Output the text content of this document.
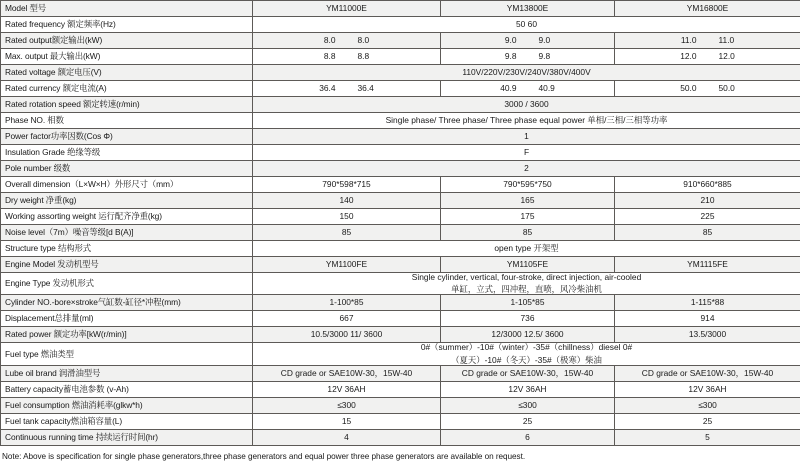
Model 型号	YM11000E	YM13800E	YM16800E
Rated frequency 额定频率(Hz)	50 60		
Rated output额定输出(kW)	8.0 8.0	9.0 9.0	11.0 11.0
Max. output 最大输出(kW)	8.8 8.8	9.8 9.8	12.0 12.0
Rated voltage 额定电压(V)	110V/220V/230V/240V/380V/400V		
Rated currency 额定电流(A)	36.4 36.4	40.9 40.9	50.0 50.0
Rated rotation speed 额定转速(r/min)	3000 / 3600		
Phase NO. 相数	Single phase/ Three phase/ Three phase equal power 单相/三相/三相等功率		
Power factor功率因数(Cos Φ)	1		
Insulation Grade 绝缘等级	F		
Pole number 级数	2		
Overall dimension（L×W×H）外形尺寸（mm）	790*598*715	790*595*750	910*660*885
Dry weight 净重(kg)	140	165	210
Working assorting weight 运行配齐净重(kg)	150	175	225
Noise level（7m）噪音等级[d B(A)]	85	85	85
Structure type 结构形式	open type 开架型		
Engine Model 发动机型号	YM1100FE	YM1105FE	YM1115FE
Engine Type 发动机形式	Single cylinder, vertical, four-stroke, direct injection, air-cooled
单缸，立式，四冲程，直喷，风冷柴油机		

Cylinder NO.-bore×stroke气缸数-缸径*冲程(mm)	1-100*85	1-105*85	1-115*88
Displacement总排量(ml)	667	736	914
Rated power 额定功率[kW(r/min)]	10.5/3000 11/ 3600	12/3000 12.5/ 3600	13.5/3000
Fuel type 燃油类型	0#（summer）-10#（winter）-35#（chillness）diesel 0#
（夏天）-10#（冬天）-35#（极寒）柴油		

Lube oil brand 润滑油型号	CD grade or SAE10W-30，15W-40	CD grade or SAE10W-30，15W-40	CD grade or SAE10W-30，15W-40
Battery capacity蓄电池参数 (v-Ah)	12V 36AH	12V 36AH	12V 36AH
Fuel consumption 燃油消耗率(glkw*h)	≤300	≤300	≤300
Fuel tank capacity燃油箱容量(L)	15	25	25
Continuous running time 持续运行时间(hr)	4	6	5
Note: Above is specification for single phase generators,three phase generators and equal power three phase generators are available on request.
